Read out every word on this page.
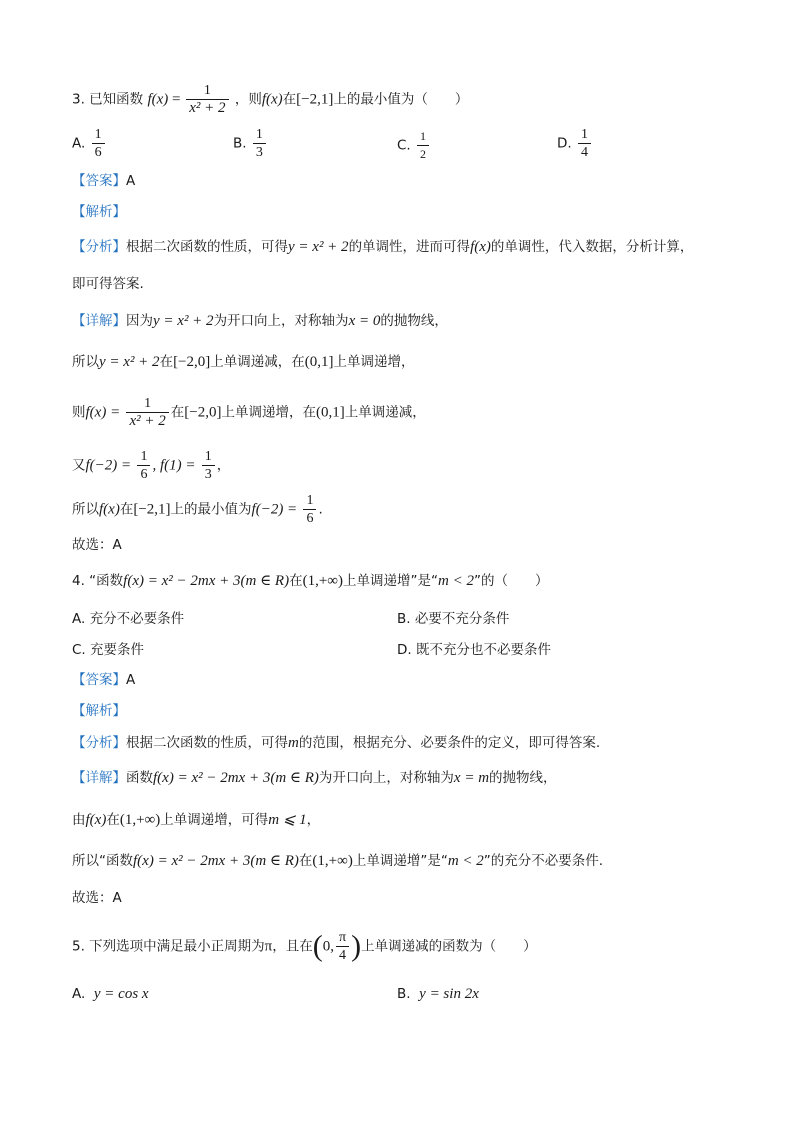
3. 已知函数 $f(x) = \frac{1}{\text{x² + 2}}$ ，则f(x)在[−2,1]上的最小值为（　　）
A. $\frac{1}{6}$	B. $\frac{1}{3}$	C. $\frac{1}{2}$	D. $\frac{1}{4}$
【答案】A
【解析】
【分析】根据二次函数的性质，可得y = x² + 2的单调性，进而可得f(x)的单调性，代入数据，分析计算，
即可得答案.
【详解】因为y = x² + 2为开口向上，对称轴为x = 0的抛物线，
所以y = x² + 2在[−2,0]上单调递减，在(0,1]上单调递增，
则$f(x) = \frac{1}{\text{x² + 2}}$ 在[−2,0]上单调递增，在(0,1]上单调递减，
又$f(-2) = \frac{1}{6}$ , $f(1) = \frac{1}{3}$ ，
所以f(x)在[−2,1]上的最小值为$f(-2) = \frac{1}{6}$ .
故选：A
4. “函数f(x) = x² − 2mx + 3(m ∈ R)在(1,+∞)上单调递增”是“m < 2”的（　　）
A. 充分不必要条件	B. 必要不充分条件
C. 充要条件	D. 既不充分也不必要条件
【答案】A
【解析】
【分析】根据二次函数的性质，可得m的范围，根据充分、必要条件的定义，即可得答案.
【详解】函数f(x) = x² − 2mx + 3(m ∈ R)为开口向上，对称轴为x = m的抛物线，
由f(x)在(1,+∞)上单调递增，可得m ⩽ 1，
所以“函数f(x) = x² − 2mx + 3(m ∈ R)在(1,+∞)上单调递增”是“m < 2”的充分不必要条件.
故选：A
5. 下列选项中满足最小正周期为π，且在(0, $\frac{\pi}{4}$ )上单调递减的函数为（　　）
A. y = cos x	B. y = sin 2x
